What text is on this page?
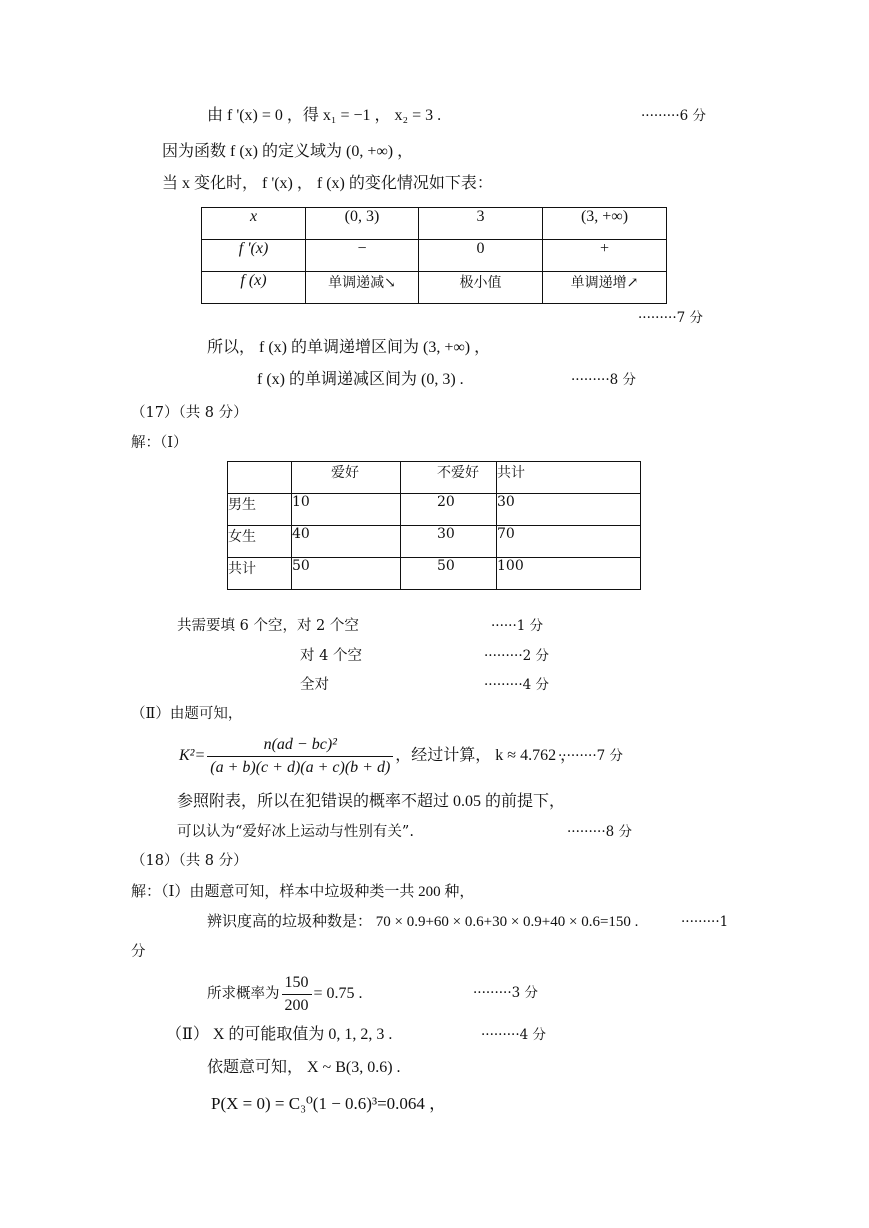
由 f '(x) = 0 ，得 x₁ = −1 ， x₂ = 3 .	·········6 分
因为函数 f (x) 的定义域为 (0, +∞) ，
当 x 变化时， f '(x) ， f (x) 的变化情况如下表：
x	(0, 3)	3	(3, +∞)
f '(x)	−	0	+
f (x)	单调递减↘	极小值	单调递增↗
·········7 分
所以， f (x) 的单调递增区间为 (3, +∞) ，
f (x) 的单调递减区间为 (0, 3) .	·········8 分
（17）（共 8 分）
解：（Ⅰ）
	爱好	不爱好	共计
男生	10	20	30
女生	40	30	70
共计	50	50	100
共需要填 6 个空，对 2 个空	······1 分
对 4 个空	·········2 分
全对	·········4 分
（Ⅱ）由题可知，
$K^2= \frac{\text{n(ad − bc)²}}{(a + b)(c + d)(a + c)(b + d)}$ ，经过计算， k ≈ 4.762 ，
·········7 分
参照附表，所以在犯错误的概率不超过 0.05 的前提下，
可以认为“爱好冰上运动与性别有关”.	·········8 分
（18）（共 8 分）
解：（Ⅰ）由题意可知，样本中垃圾种类一共 200 种，
辨识度高的垃圾种数是： 70 × 0.9+60 × 0.6+30 × 0.9+40 × 0.6=150 .	·········1
分
所求概率为 $\frac{150}{200} = 0.75$ .	·········3 分
（Ⅱ） X 的可能取值为 0, 1, 2, 3 .	·········4 分
依题意可知， X ~ B(3, 0.6) .
P(X = 0) = C₃⁰(1 − 0.6)³=0.064 ，
